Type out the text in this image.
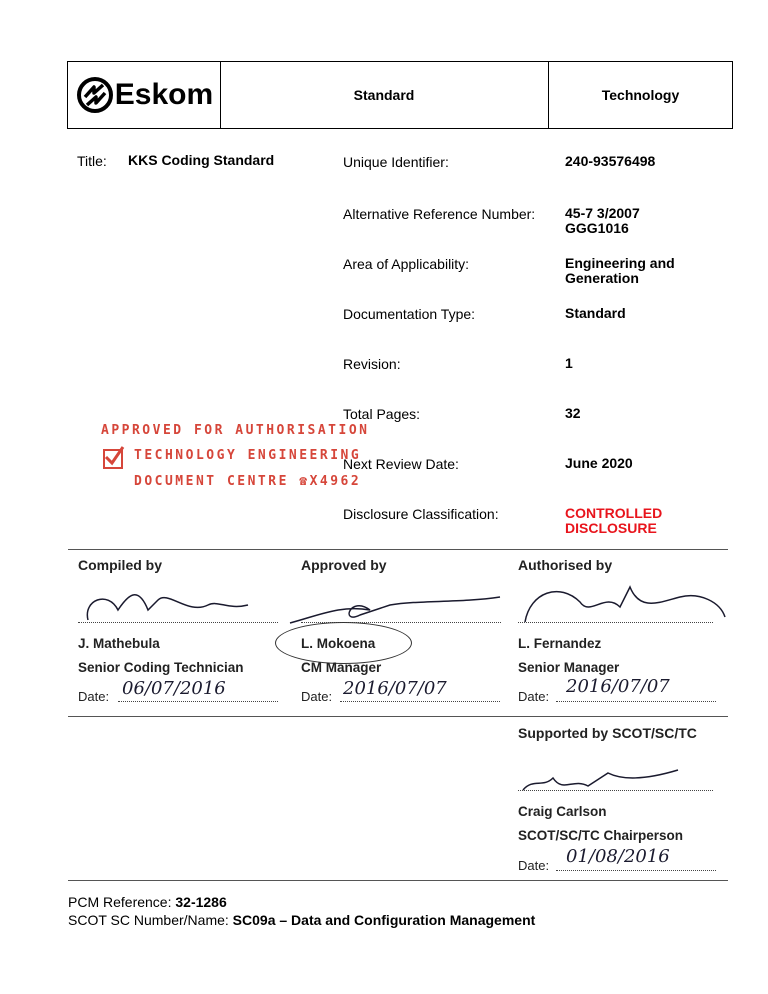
Eskom	Standard	Technology
Title: KKS Coding Standard	Unique Identifier:	240-93576498
Alternative Reference Number: 45-7 3/2007
GGG1016
Area of Applicability:	Engineering and
Generation
Documentation Type:	Standard
Revision:	1
Total Pages:	32
Next Review Date:	June 2020
Disclosure Classification:	CONTROLLED
DISCLOSURE
APPROVED FOR AUTHORISATION
TECHNOLOGY ENGINEERING
DOCUMENT CENTRE ☎X4962
Compiled by
J. Mathebula
Senior Coding Technician
Date: 06/07/2016
Approved by
L. Mokoena
CM Manager
Date: 2016/07/07
Authorised by
L. Fernandez
Senior Manager
Date: 2016/07/07
Supported by SCOT/SC/TC
Craig Carlson
SCOT/SC/TC Chairperson
Date: 01/08/2016
PCM Reference: 32-1286
SCOT SC Number/Name: SC09a – Data and Configuration Management
